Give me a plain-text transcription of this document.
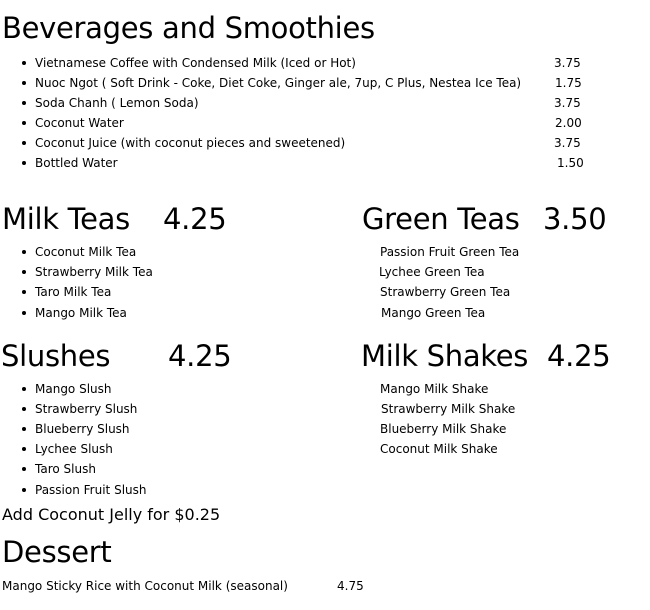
Beverages and Smoothies
Vietnamese Coffee with Condensed Milk (Iced or Hot)	3.75
Nuoc Ngot ( Soft Drink - Coke, Diet Coke, Ginger ale, 7up, C Plus, Nestea Ice Tea)	1.75
Soda Chanh ( Lemon Soda)	3.75
Coconut Water	2.00
Coconut Juice (with coconut pieces and sweetened)	3.75
Bottled Water	1.50
Milk Teas 4.25
Coconut Milk Tea
Strawberry Milk Tea
Taro Milk Tea
Mango Milk Tea
Green Teas 3.50
Passion Fruit Green Tea
Lychee Green Tea
Strawberry Green Tea
Mango Green Tea
Slushes 4.25
Mango Slush
Strawberry Slush
Blueberry Slush
Lychee Slush
Taro Slush
Passion Fruit Slush
Milk Shakes 4.25
Mango Milk Shake
Strawberry Milk Shake
Blueberry Milk Shake
Coconut Milk Shake
Add Coconut Jelly for $0.25
Dessert
Mango Sticky Rice with Coconut Milk (seasonal)	4.75
